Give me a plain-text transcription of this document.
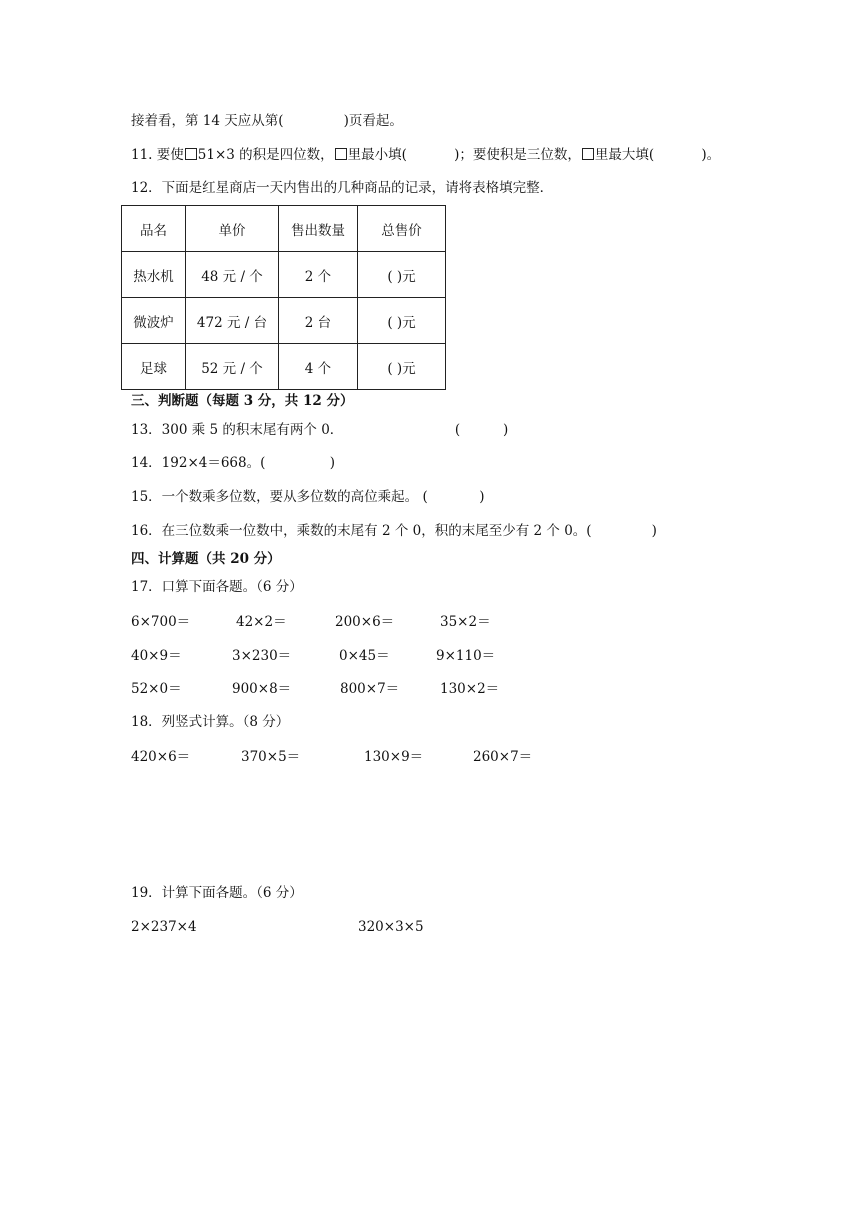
接着看，第 14 天应从第(              )页看起。
11. 要使 51×3 的积是四位数， 里最小填(           )；要使积是三位数， 里最大填(           )。
12．下面是红星商店一天内售出的几种商品的记录，请将表格填完整．
品名	单价	售出数量	总售价
热水机	48 元 / 个	2 个	( )元
微波炉	472 元 / 台	2 台	( )元
足球	52 元 / 个	4 个	( )元
三、判断题（每题 3 分，共 12 分）
13．300 乘 5 的积末尾有两个 0．                          (          )
14．192×4＝668。(               )
15．一个数乘多位数，要从多位数的高位乘起。 (            )
16．在三位数乘一位数中，乘数的末尾有 2 个 0，积的末尾至少有 2 个 0。(              )
四、计算题（共 20 分）
17．口算下面各题。（6 分）
6×700＝	42×2＝	200×6＝	35×2＝
40×9＝	3×230＝	0×45＝	9×110＝
52×0＝	900×8＝	800×7＝	130×2＝
18．列竖式计算。（8 分）
420×6＝	370×5＝	130×9＝	260×7＝
19．计算下面各题。（6 分）
2×237×4	320×3×5
